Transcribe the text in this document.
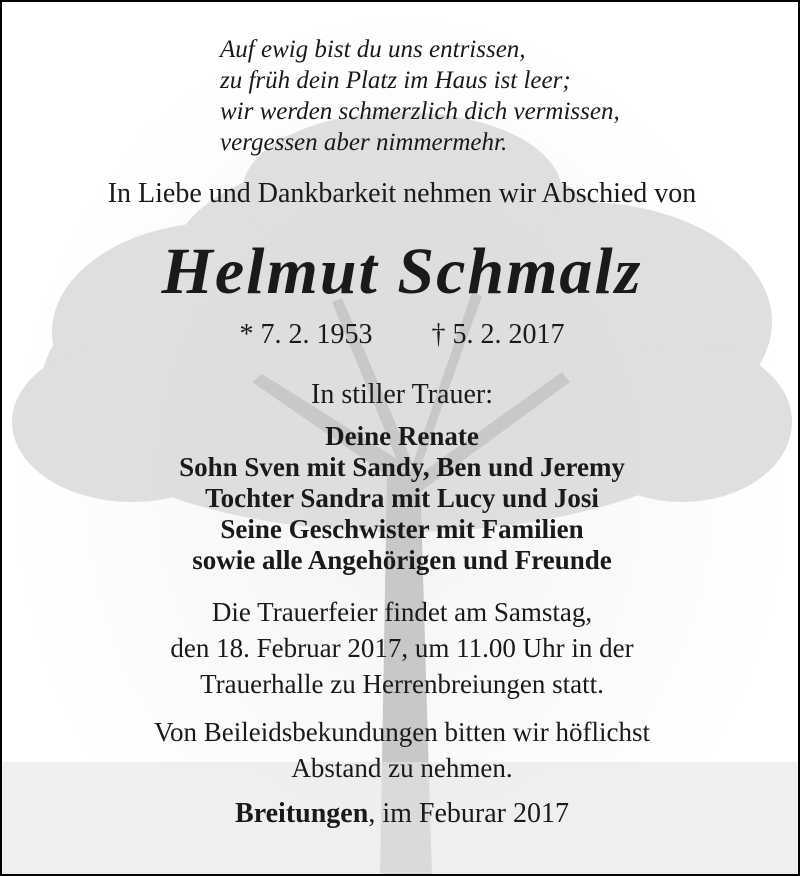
Auf ewig bist du uns entrissen,
zu früh dein Platz im Haus ist leer;
wir werden schmerzlich dich vermissen,
vergessen aber nimmermehr.
In Liebe und Dankbarkeit nehmen wir Abschied von
Helmut Schmalz
* 7. 2. 1953 † 5. 2. 2017
In stiller Trauer:
Deine Renate
Sohn Sven mit Sandy, Ben und Jeremy
Tochter Sandra mit Lucy und Josi
Seine Geschwister mit Familien
sowie alle Angehörigen und Freunde
Die Trauerfeier findet am Samstag,
den 18. Februar 2017, um 11.00 Uhr in der
Trauerhalle zu Herrenbreiungen statt.
Von Beileidsbekundungen bitten wir höflichst
Abstand zu nehmen.
Breitungen, im Feburar 2017
